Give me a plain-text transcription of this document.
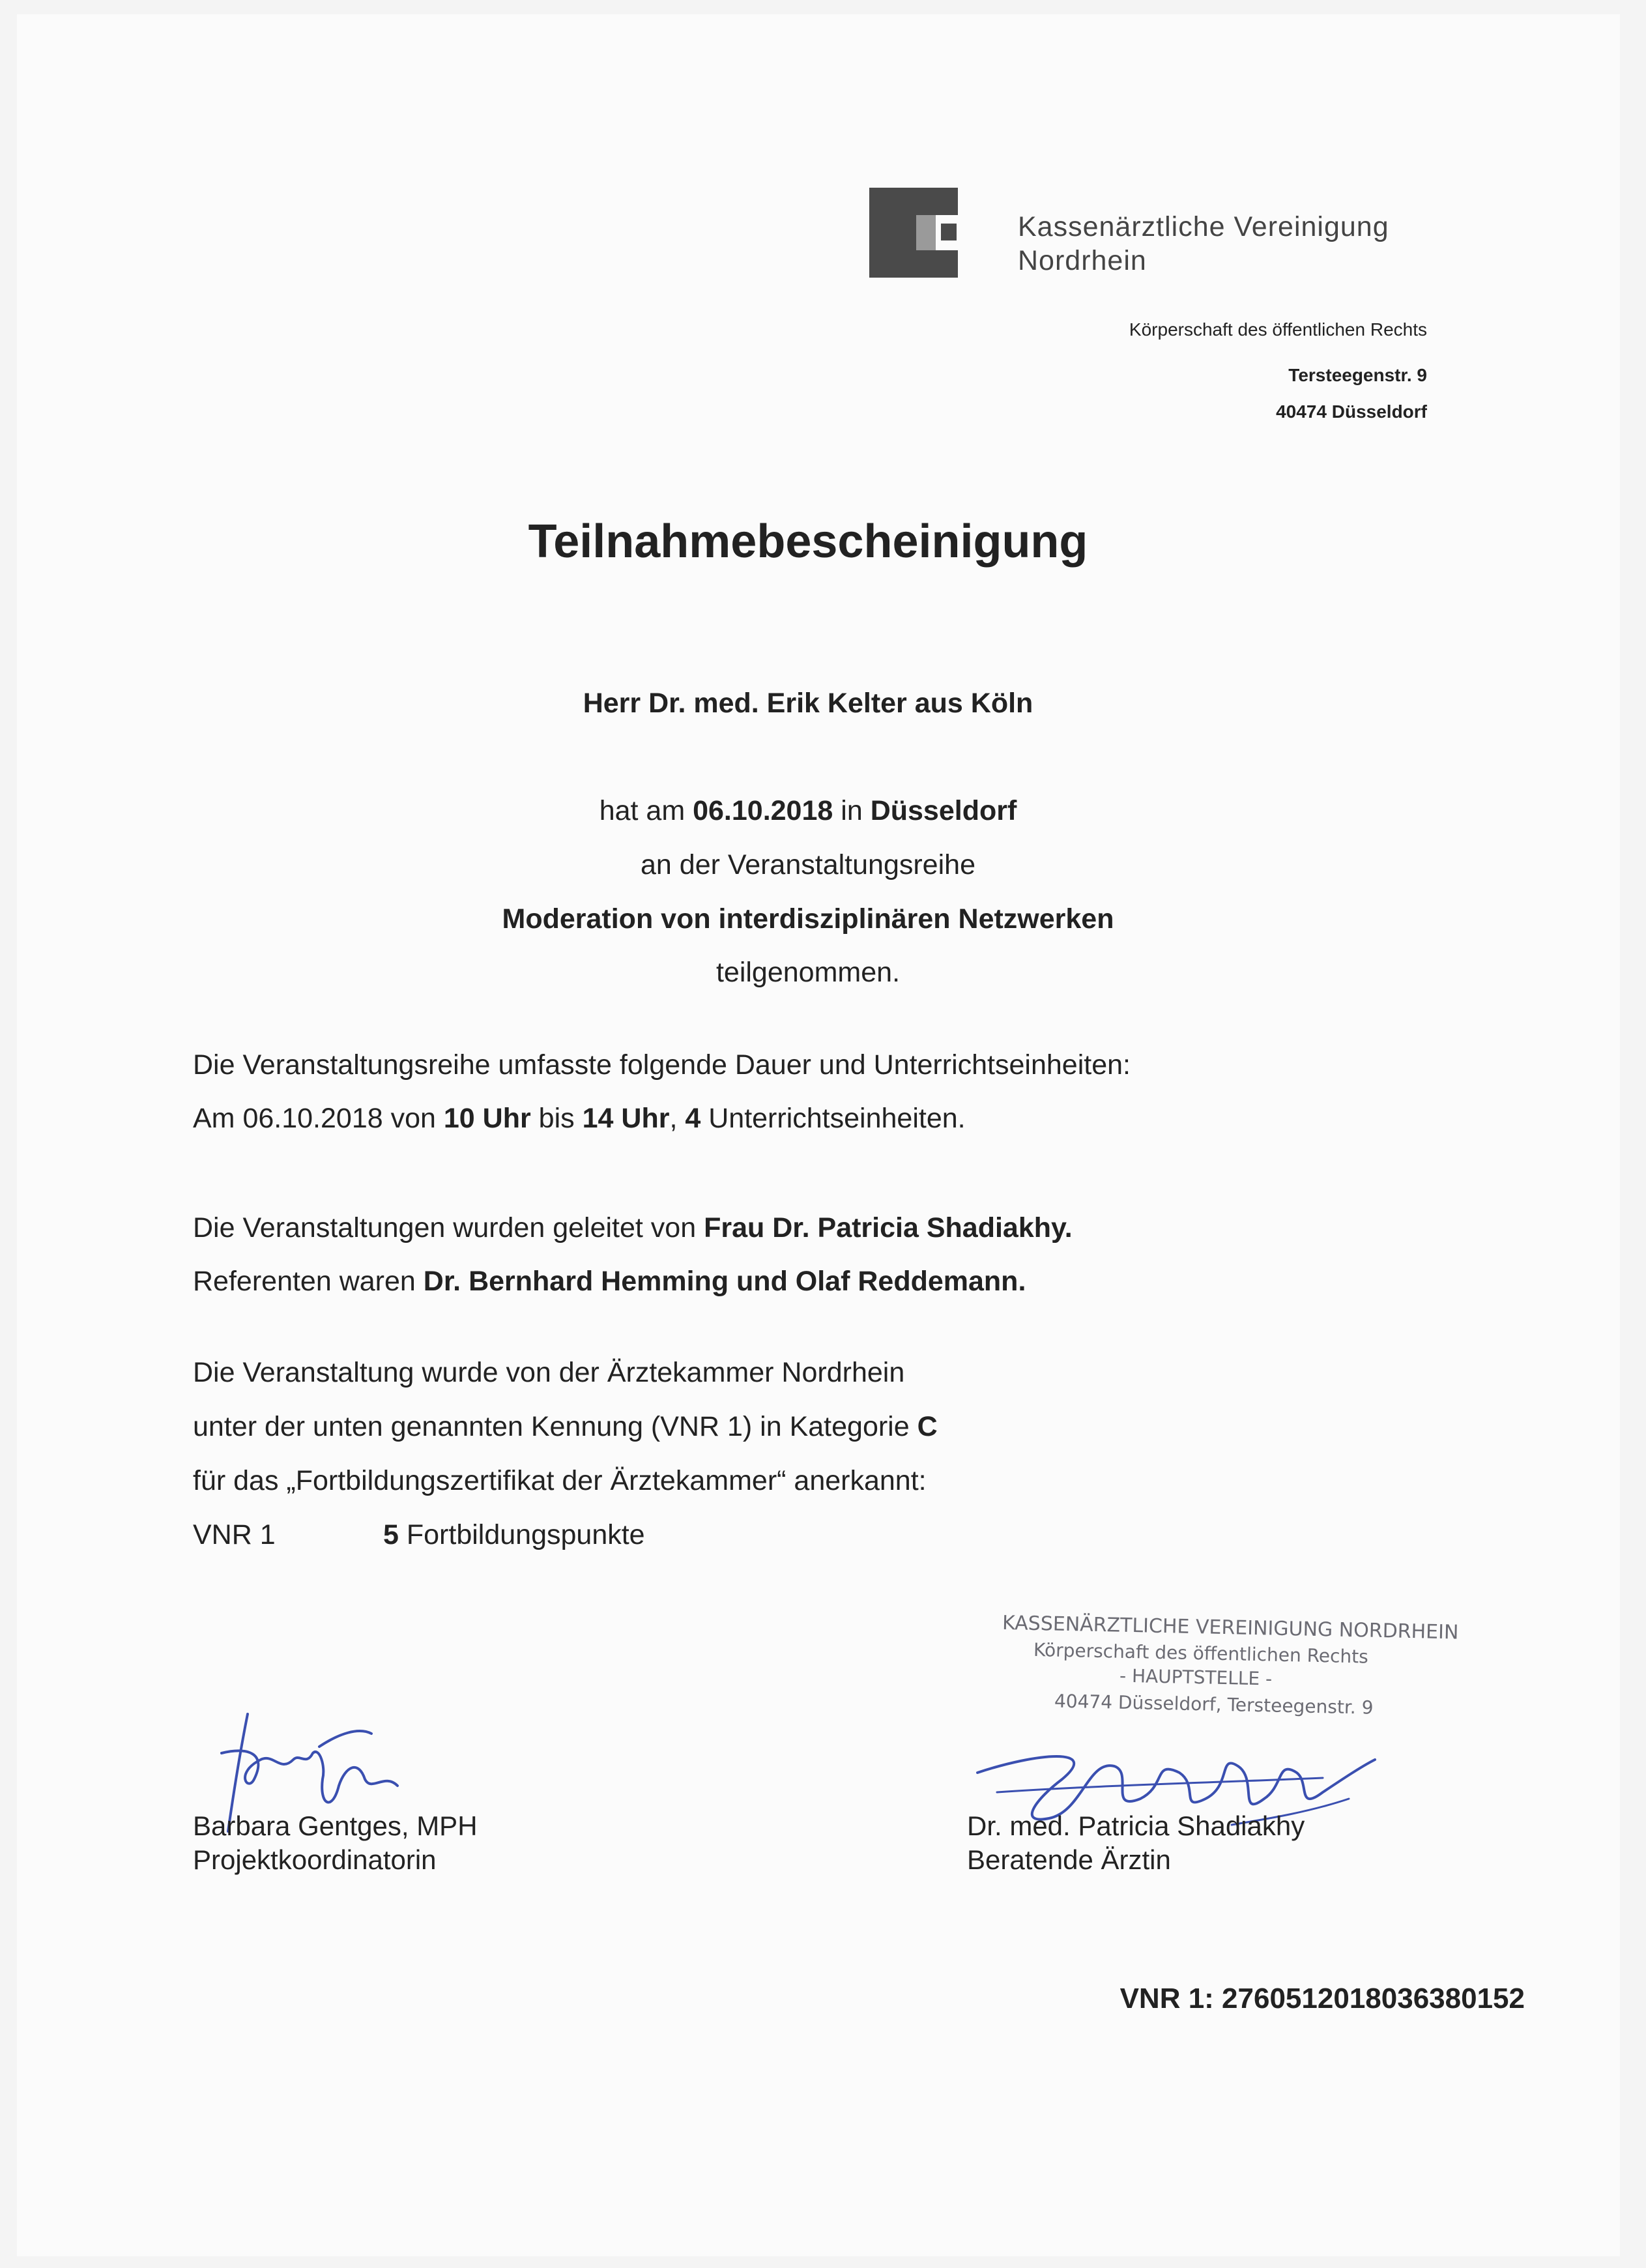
Kassenärztliche Vereinigung
Nordrhein
Körperschaft des öffentlichen Rechts
Tersteegenstr. 9
40474 Düsseldorf
Teilnahmebescheinigung
Herr Dr. med. Erik Kelter aus Köln
hat am 06.10.2018 in Düsseldorf
an der Veranstaltungsreihe
Moderation von interdisziplinären Netzwerken
teilgenommen.
Die Veranstaltungsreihe umfasste folgende Dauer und Unterrichtseinheiten:
Am 06.10.2018 von 10 Uhr bis 14 Uhr, 4 Unterrichtseinheiten.
Die Veranstaltungen wurden geleitet von Frau Dr. Patricia Shadiakhy.
Referenten waren Dr. Bernhard Hemming und Olaf Reddemann.
Die Veranstaltung wurde von der Ärztekammer Nordrhein
unter der unten genannten Kennung (VNR 1) in Kategorie C
für das „Fortbildungszertifikat der Ärztekammer“ anerkannt:
VNR 1	5 Fortbildungspunkte
KASSENÄRZTLICHE VEREINIGUNG NORDRHEIN
Körperschaft des öffentlichen Rechts
- HAUPTSTELLE -
40474 Düsseldorf, Tersteegenstr. 9
Barbara Gentges, MPH
Projektkoordinatorin
Dr. med. Patricia Shadiakhy
Beratende Ärztin
VNR 1: 2760512018036380152
